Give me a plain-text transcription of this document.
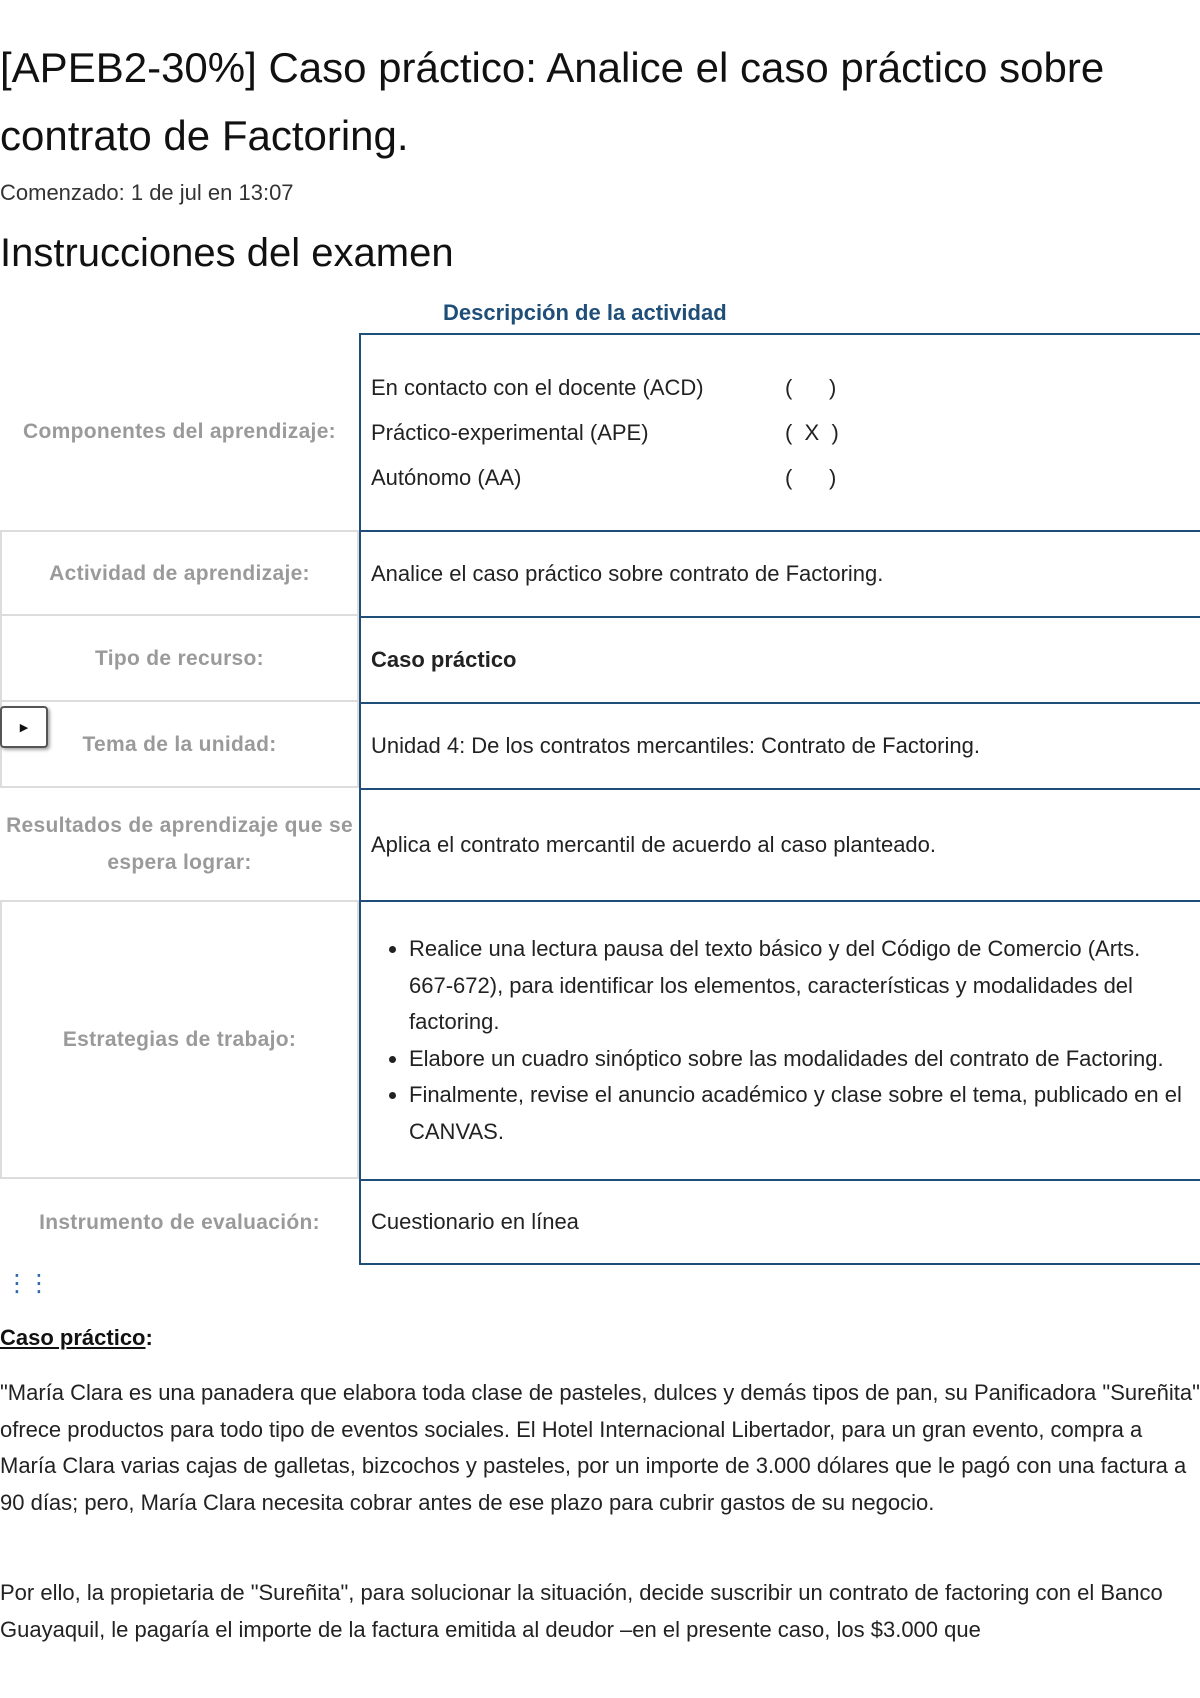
[APEB2-30%] Caso práctico: Analice el caso práctico sobre contrato de Factoring.
Comenzado: 1 de jul en 13:07
Instrucciones del examen
Descripción de la actividad
Componentes del aprendizaje:
En contacto con el docente (ACD)	(      )
Práctico-experimental (APE)	(  X  )
Autónomo (AA)	(      )
Actividad de aprendizaje:	Analice el caso práctico sobre contrato de Factoring.
Tipo de recurso:	Caso práctico
Tema de la unidad:	Unidad 4: De los contratos mercantiles: Contrato de Factoring.
Resultados de aprendizaje que se espera lograr:
Aplica el contrato mercantil de acuerdo al caso planteado.
Estrategias de trabajo:
• Realice una lectura pausa del texto básico y del Código de Comercio (Arts. 667-672), para identificar los elementos, características y modalidades del factoring.
• Elabore un cuadro sinóptico sobre las modalidades del contrato de Factoring.
• Finalmente, revise el anuncio académico y clase sobre el tema, publicado en el CANVAS.
Instrumento de evaluación:	Cuestionario en línea
▶
⋮⋮
Caso práctico:

"María Clara es una panadera que elabora toda clase de pasteles, dulces y demás tipos de pan, su Panificadora "Sureñita" ofrece productos para todo tipo de eventos sociales. El Hotel Internacional Libertador, para un gran evento, compra a María Clara varias cajas de galletas, bizcochos y pasteles, por un importe de 3.000 dólares que le pagó con una factura a 90 días; pero, María Clara necesita cobrar antes de ese plazo para cubrir gastos de su negocio.

Por ello, la propietaria de "Sureñita", para solucionar la situación, decide suscribir un contrato de factoring con el Banco Guayaquil, le pagaría el importe de la factura emitida al deudor –en el presente caso, los $3.000 que
